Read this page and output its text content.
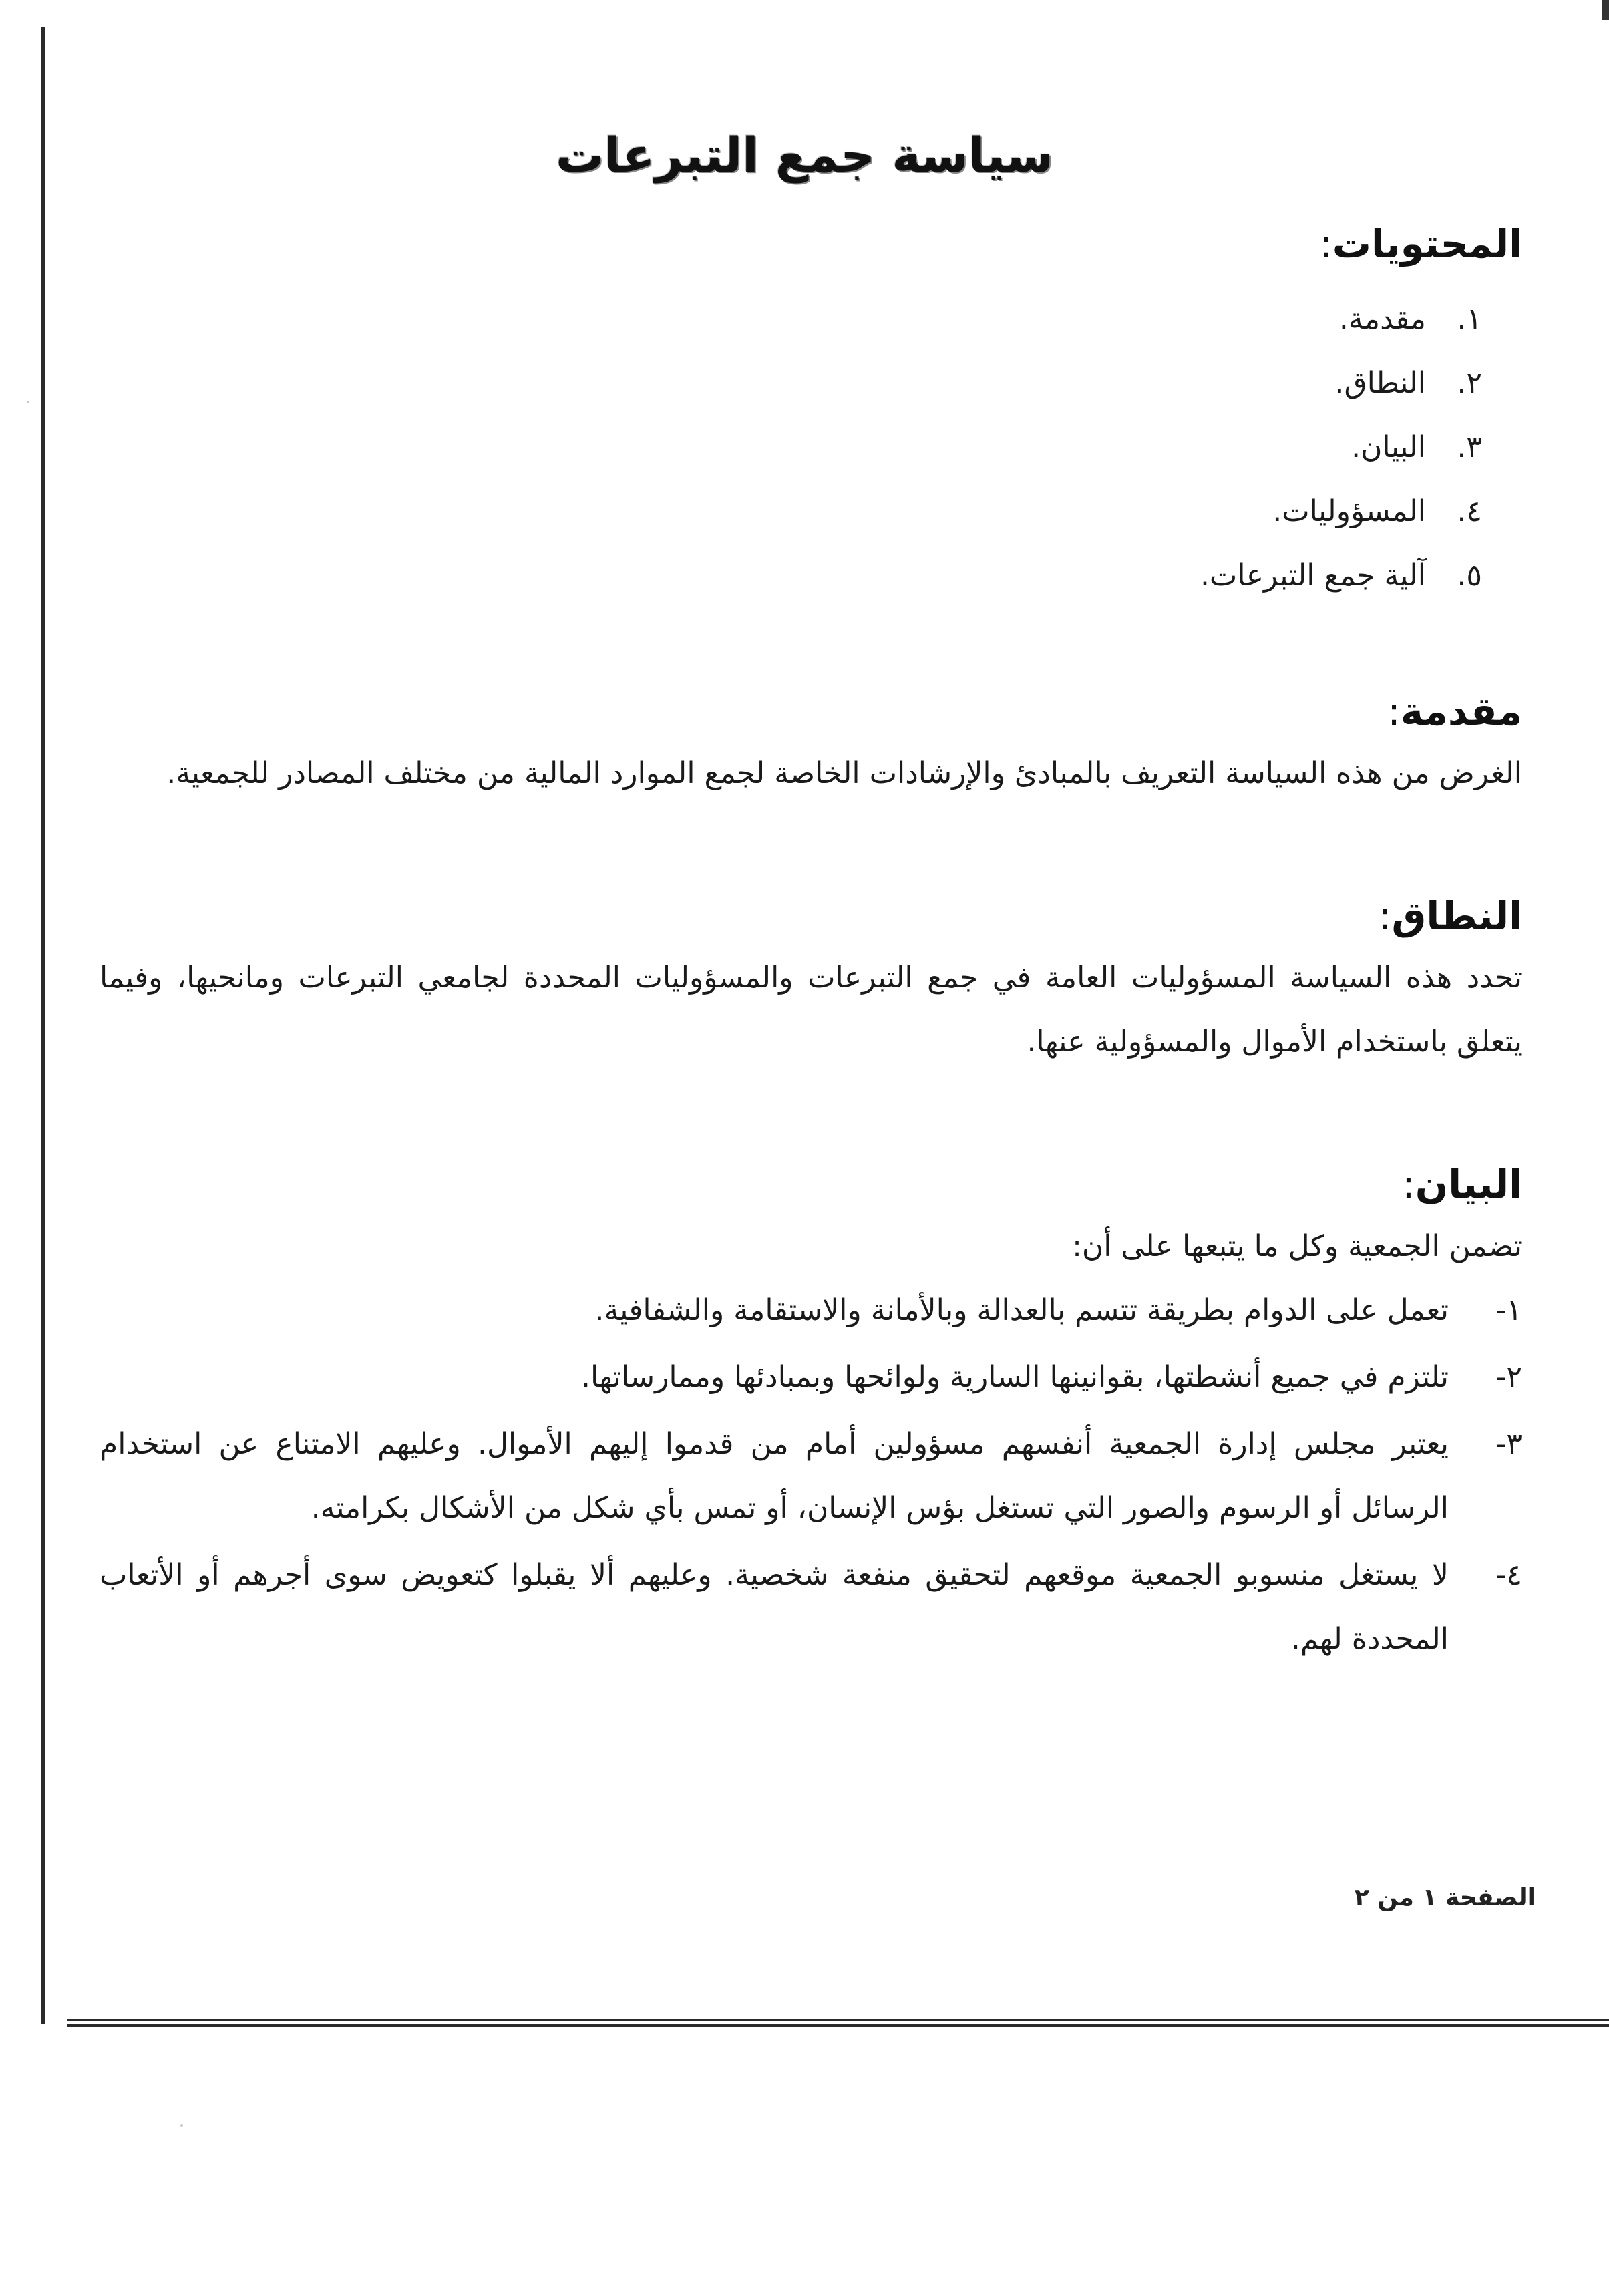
سياسة جمع التبرعات
المحتويات:
١. مقدمة.
٢. النطاق.
٣. البيان.
٤. المسؤوليات.
٥. آلية جمع التبرعات.
مقدمة:

الغرض من هذه السياسة التعريف بالمبادئ والإرشادات الخاصة لجمع الموارد المالية من مختلف المصادر للجمعية.

النطاق:

تحدد هذه السياسة المسؤوليات العامة في جمع التبرعات والمسؤوليات المحددة لجامعي التبرعات ومانحيها، وفيما يتعلق باستخدام الأموال والمسؤولية عنها.

البيان:

تضمن الجمعية وكل ما يتبعها على أن:

١-
تعمل على الدوام بطريقة تتسم بالعدالة وبالأمانة والاستقامة والشفافية.
٢-
تلتزم في جميع أنشطتها، بقوانينها السارية ولوائحها وبمبادئها وممارساتها.
٣-
يعتبر مجلس إدارة الجمعية أنفسهم مسؤولين أمام من قدموا إليهم الأموال. وعليهم الامتناع عن استخدام الرسائل أو الرسوم والصور التي تستغل بؤس الإنسان، أو تمس بأي شكل من الأشكال بكرامته.
٤-
لا يستغل منسوبو الجمعية موقعهم لتحقيق منفعة شخصية. وعليهم ألا يقبلوا كتعويض سوى أجرهم أو الأتعاب المحددة لهم.
الصفحة ١ من ٢
